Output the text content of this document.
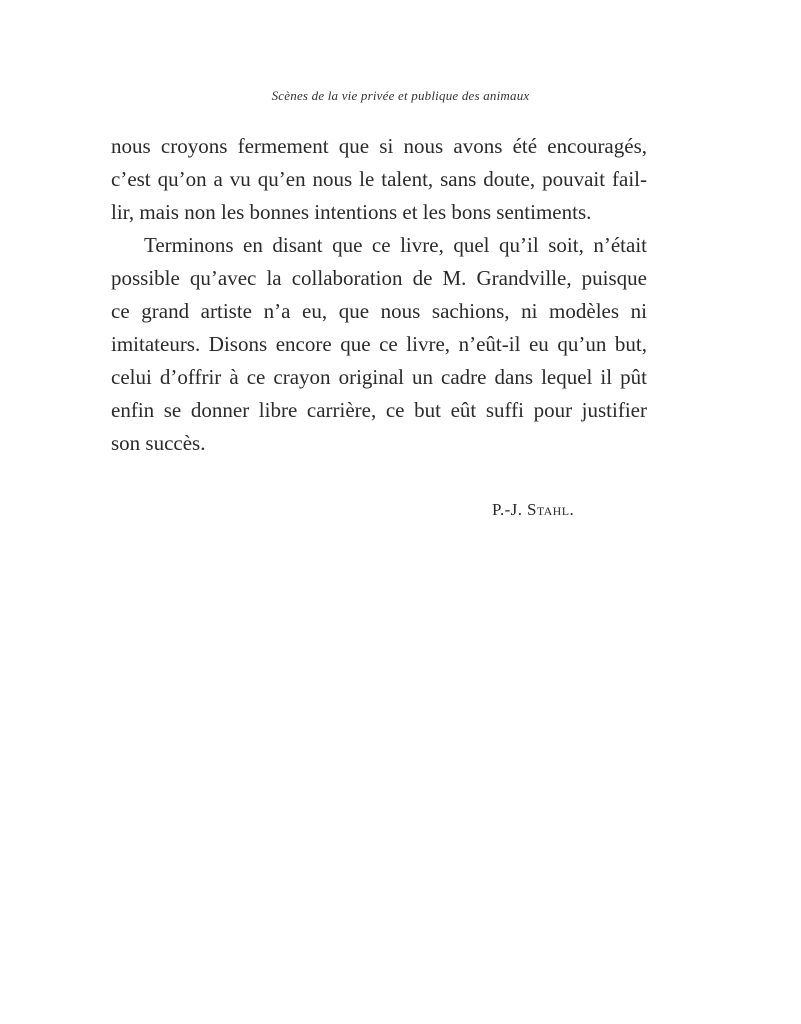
Scènes de la vie privée et publique des animaux
nous croyons fermement que si nous avons été encouragés,
c’est qu’on a vu qu’en nous le talent, sans doute, pouvait fail-
lir, mais non les bonnes intentions et les bons sentiments.
Terminons en disant que ce livre, quel qu’il soit, n’était
possible qu’avec la collaboration de M. Grandville, puisque
ce grand artiste n’a eu, que nous sachions, ni modèles ni
imitateurs. Disons encore que ce livre, n’eût-il eu qu’un but,
celui d’offrir à ce crayon original un cadre dans lequel il pût
enfin se donner libre carrière, ce but eût suffi pour justifier
son succès.
P.-J. Stahl.
